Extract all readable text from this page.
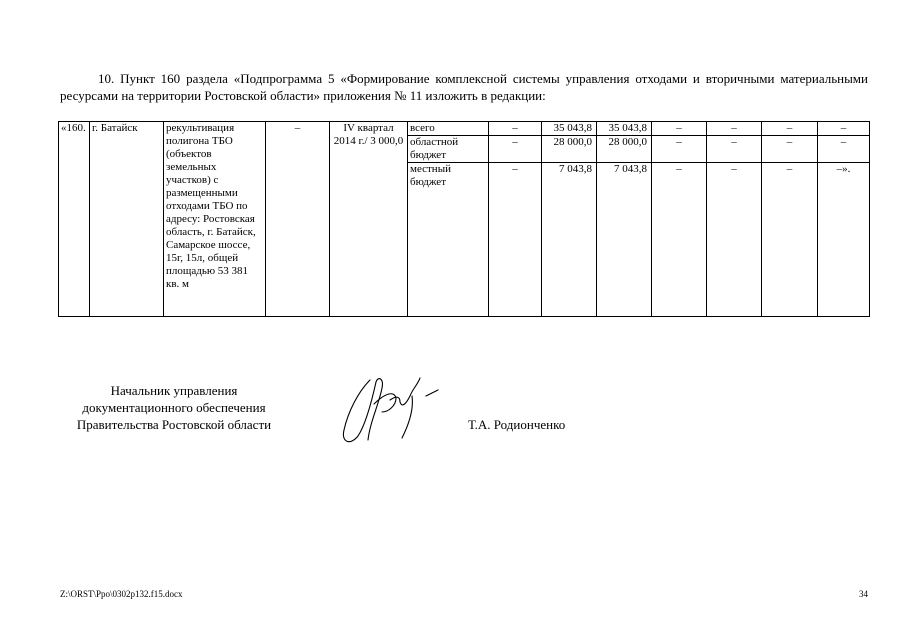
10. Пункт 160 раздела «Подпрограмма 5 «Формирование комплексной системы управления отходами и вторичными материальными ресурсами на территории Ростовской области» приложения № 11 изложить в редакции:

«160.	г. Батайск	рекультивация полигона ТБО (объектов земельных участков) с размещенными отходами ТБО по адресу: Ростовская область, г. Батайск, Самарское шоссе, 15г, 15л, общей площадью 53 381 кв. м	–	IV квартал 2014 г./ 3 000,0	всего	–	35 043,8	35 043,8	–	–	–	–
					областной бюджет	–	28 000,0	28 000,0	–	–	–	–
					местный бюджет	–	7 043,8	7 043,8	–	–	–	–».
Начальник управления
документационного обеспечения
Правительства Ростовской области	Т.А. Родионченко
Z:\ORST\Ppo\0302p132.f15.docx	34
